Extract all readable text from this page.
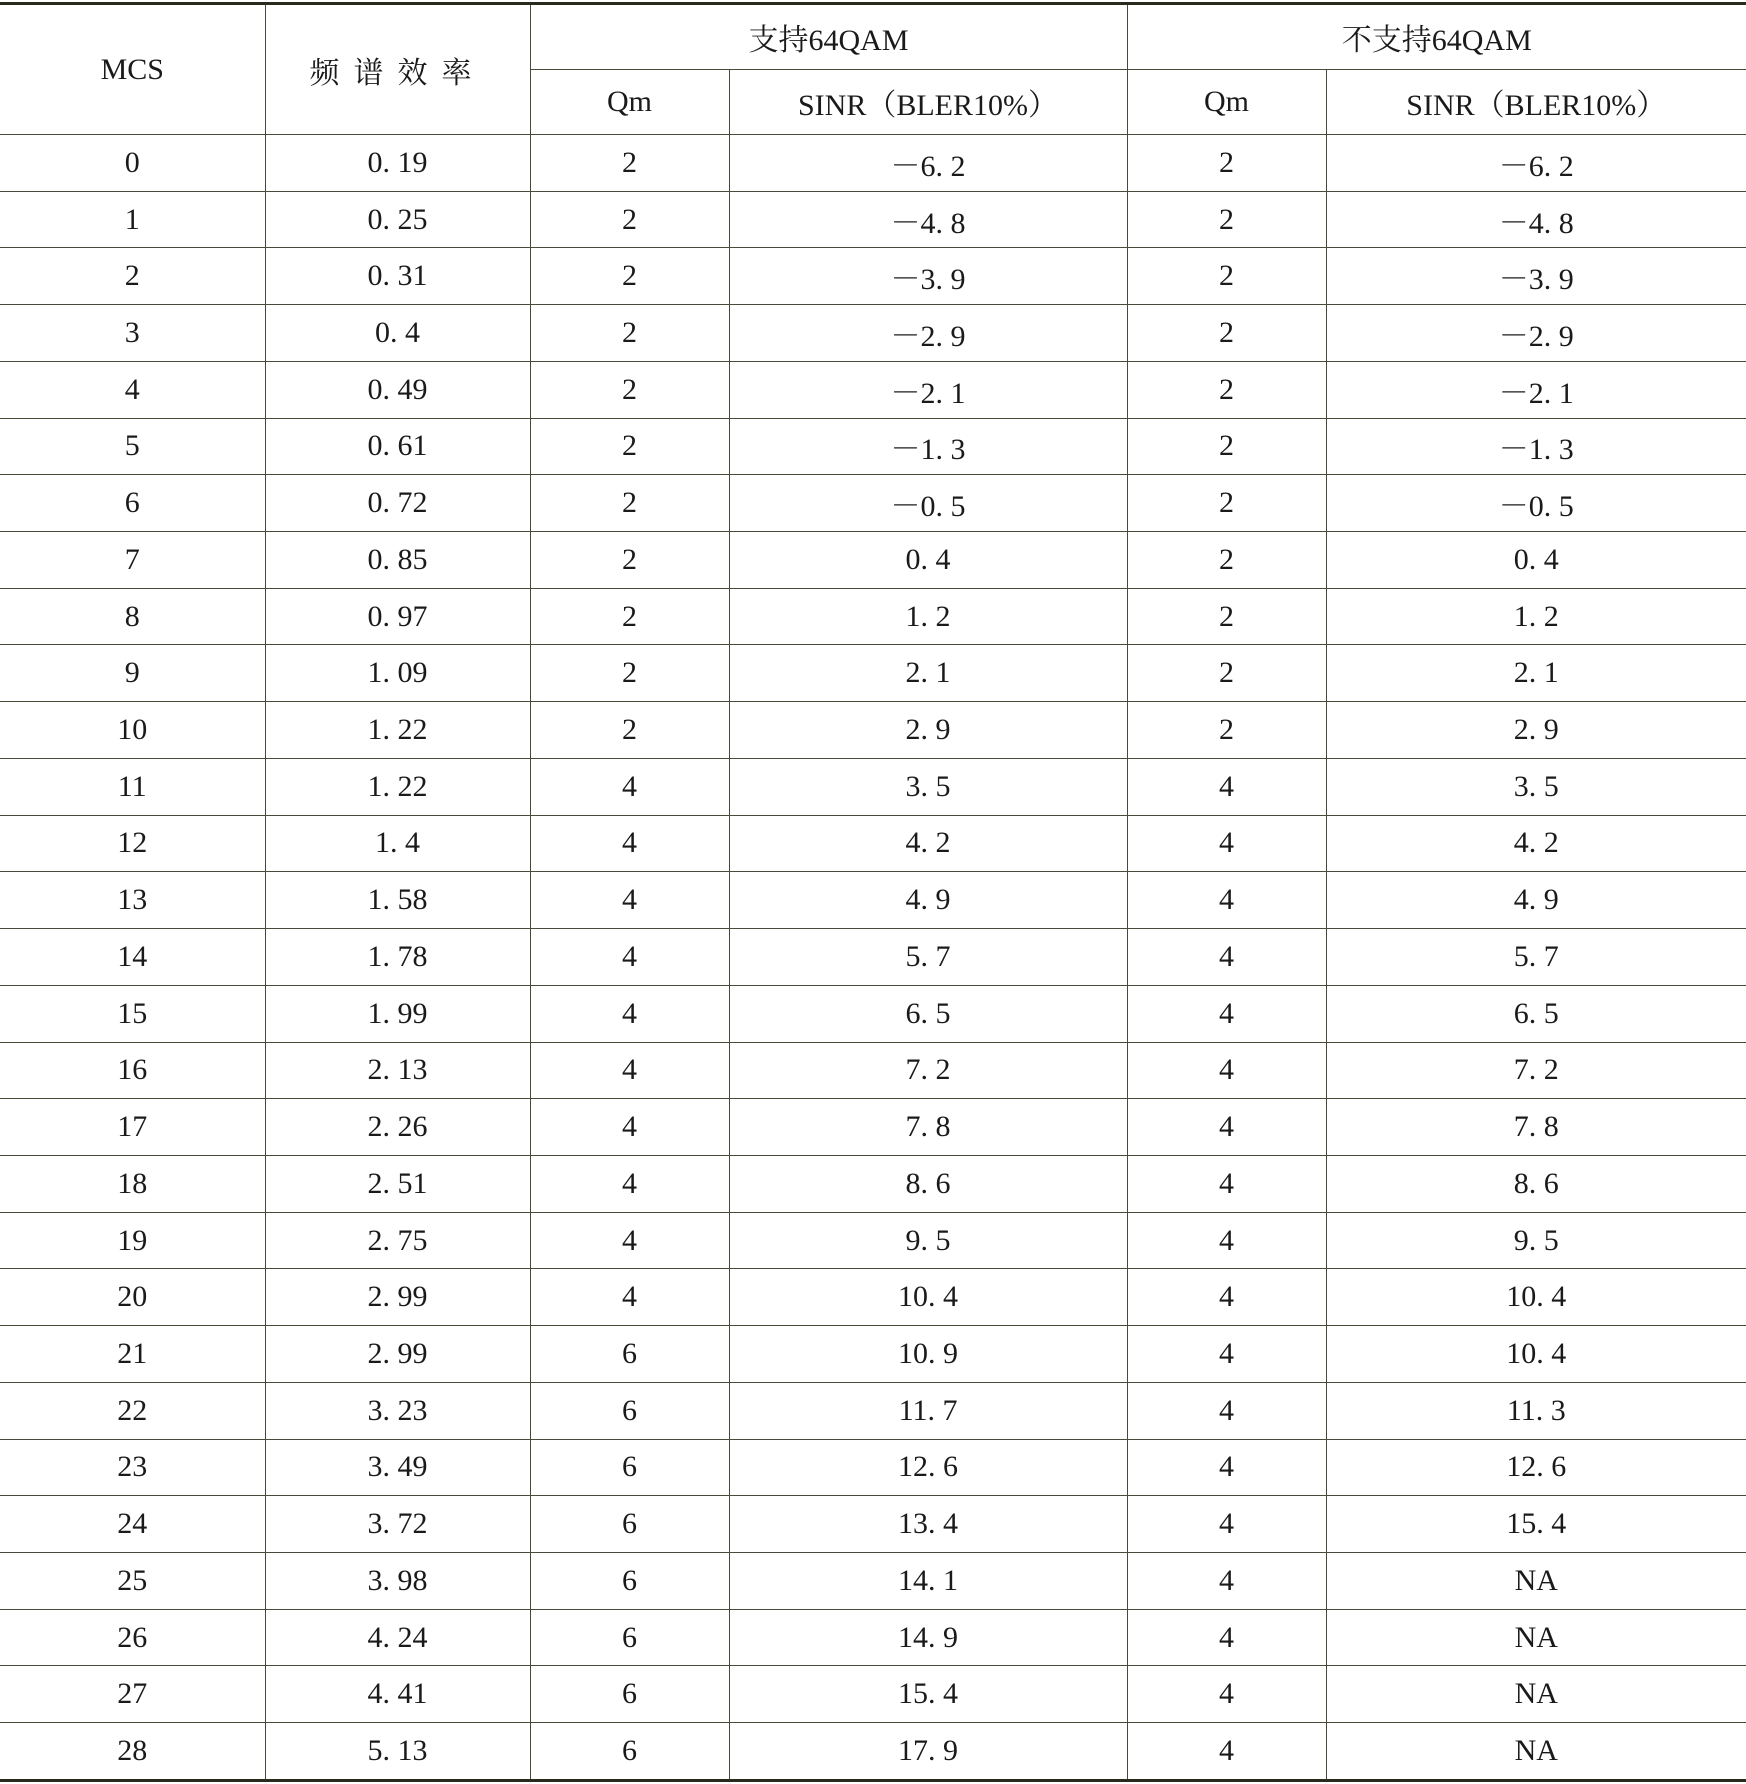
MCS	频谱效率	支持64QAM		不支持64QAM	
		Qm	SINR（BLER10%）	Qm	SINR（BLER10%）
0	0. 19	2	－6. 2	2	－6. 2
1	0. 25	2	－4. 8	2	－4. 8
2	0. 31	2	－3. 9	2	－3. 9
3	0. 4	2	－2. 9	2	－2. 9
4	0. 49	2	－2. 1	2	－2. 1
5	0. 61	2	－1. 3	2	－1. 3
6	0. 72	2	－0. 5	2	－0. 5
7	0. 85	2	0. 4	2	0. 4
8	0. 97	2	1. 2	2	1. 2
9	1. 09	2	2. 1	2	2. 1
10	1. 22	2	2. 9	2	2. 9
11	1. 22	4	3. 5	4	3. 5
12	1. 4	4	4. 2	4	4. 2
13	1. 58	4	4. 9	4	4. 9
14	1. 78	4	5. 7	4	5. 7
15	1. 99	4	6. 5	4	6. 5
16	2. 13	4	7. 2	4	7. 2
17	2. 26	4	7. 8	4	7. 8
18	2. 51	4	8. 6	4	8. 6
19	2. 75	4	9. 5	4	9. 5
20	2. 99	4	10. 4	4	10. 4
21	2. 99	6	10. 9	4	10. 4
22	3. 23	6	11. 7	4	11. 3
23	3. 49	6	12. 6	4	12. 6
24	3. 72	6	13. 4	4	15. 4
25	3. 98	6	14. 1	4	NA
26	4. 24	6	14. 9	4	NA
27	4. 41	6	15. 4	4	NA
28	5. 13	6	17. 9	4	NA
